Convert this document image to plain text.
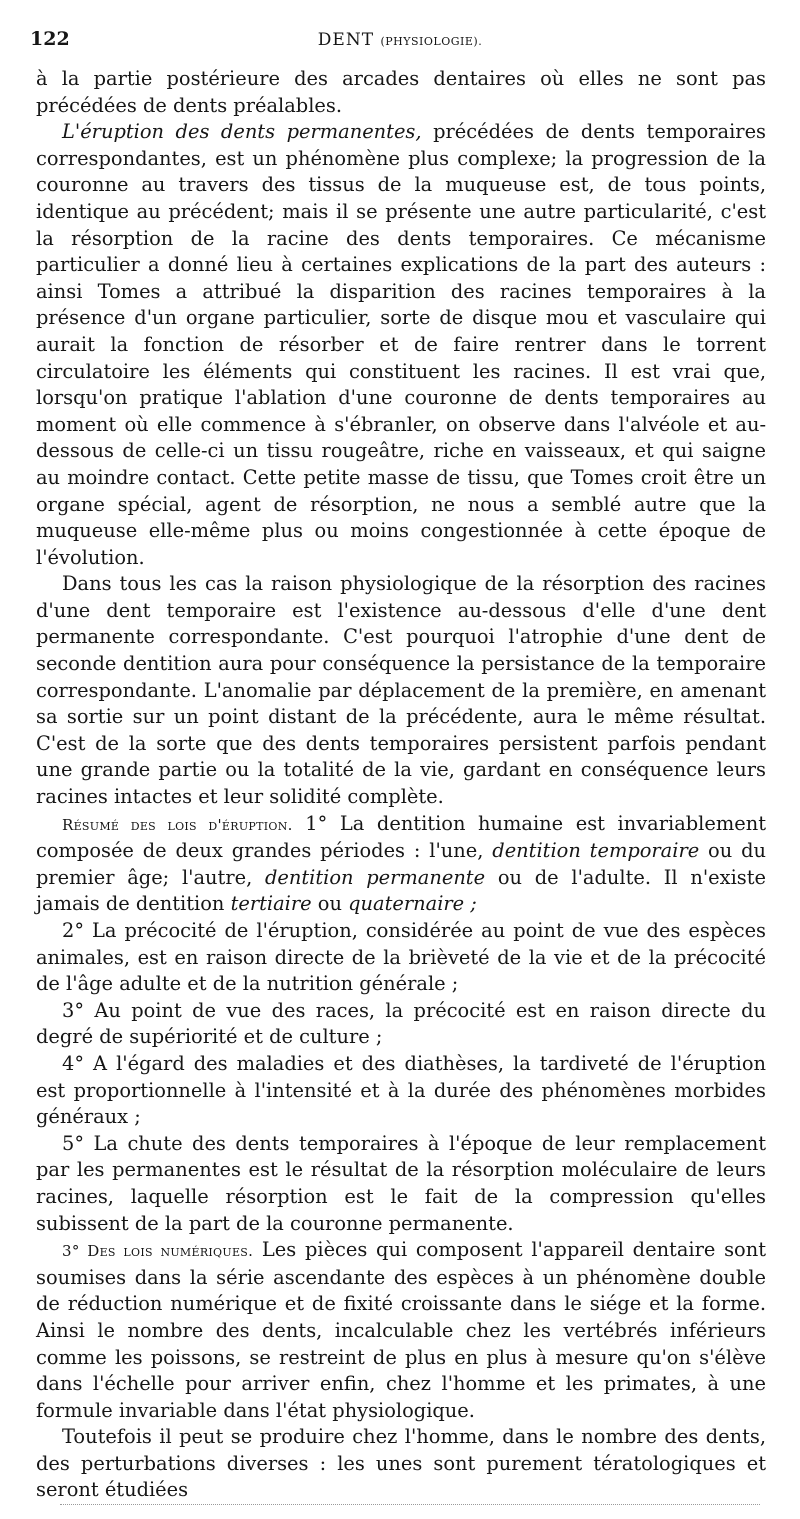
122	DENT (PHYSIOLOGIE).

à la partie postérieure des arcades dentaires où elles ne sont pas précédées de dents préalables.

L'éruption des dents permanentes, précédées de dents temporaires correspondantes, est un phénomène plus complexe; la progression de la couronne au travers des tissus de la muqueuse est, de tous points, identique au précédent; mais il se présente une autre particularité, c'est la résorption de la racine des dents temporaires. Ce mécanisme particulier a donné lieu à certaines explications de la part des auteurs : ainsi Tomes a attribué la disparition des racines temporaires à la présence d'un organe particulier, sorte de disque mou et vasculaire qui aurait la fonction de résorber et de faire rentrer dans le torrent circulatoire les éléments qui constituent les racines. Il est vrai que, lorsqu'on pratique l'ablation d'une couronne de dents temporaires au moment où elle commence à s'ébranler, on observe dans l'alvéole et au-dessous de celle-ci un tissu rougeâtre, riche en vaisseaux, et qui saigne au moindre contact. Cette petite masse de tissu, que Tomes croit être un organe spécial, agent de résorption, ne nous a semblé autre que la muqueuse elle-même plus ou moins congestionnée à cette époque de l'évolution.

Dans tous les cas la raison physiologique de la résorption des racines d'une dent temporaire est l'existence au-dessous d'elle d'une dent permanente correspondante. C'est pourquoi l'atrophie d'une dent de seconde dentition aura pour conséquence la persistance de la temporaire correspondante. L'anomalie par déplacement de la première, en amenant sa sortie sur un point distant de la précédente, aura le même résultat. C'est de la sorte que des dents temporaires persistent parfois pendant une grande partie ou la totalité de la vie, gardant en conséquence leurs racines intactes et leur solidité complète.

Résumé des lois d'éruption. 1° La dentition humaine est invariablement composée de deux grandes périodes : l'une, dentition temporaire ou du premier âge; l'autre, dentition permanente ou de l'adulte. Il n'existe jamais de dentition tertiaire ou quaternaire ;

2° La précocité de l'éruption, considérée au point de vue des espèces animales, est en raison directe de la brièveté de la vie et de la précocité de l'âge adulte et de la nutrition générale ;

3° Au point de vue des races, la précocité est en raison directe du degré de supériorité et de culture ;

4° A l'égard des maladies et des diathèses, la tardiveté de l'éruption est proportionnelle à l'intensité et à la durée des phénomènes morbides généraux ;

5° La chute des dents temporaires à l'époque de leur remplacement par les permanentes est le résultat de la résorption moléculaire de leurs racines, laquelle résorption est le fait de la compression qu'elles subissent de la part de la couronne permanente.

3° Des lois numériques. Les pièces qui composent l'appareil dentaire sont soumises dans la série ascendante des espèces à un phénomène double de réduction numérique et de fixité croissante dans le siége et la forme. Ainsi le nombre des dents, incalculable chez les vertébrés inférieurs comme les poissons, se restreint de plus en plus à mesure qu'on s'élève dans l'échelle pour arriver enfin, chez l'homme et les primates, à une formule invariable dans l'état physiologique.

Toutefois il peut se produire chez l'homme, dans le nombre des dents, des perturbations diverses : les unes sont purement tératologiques et seront étudiées
